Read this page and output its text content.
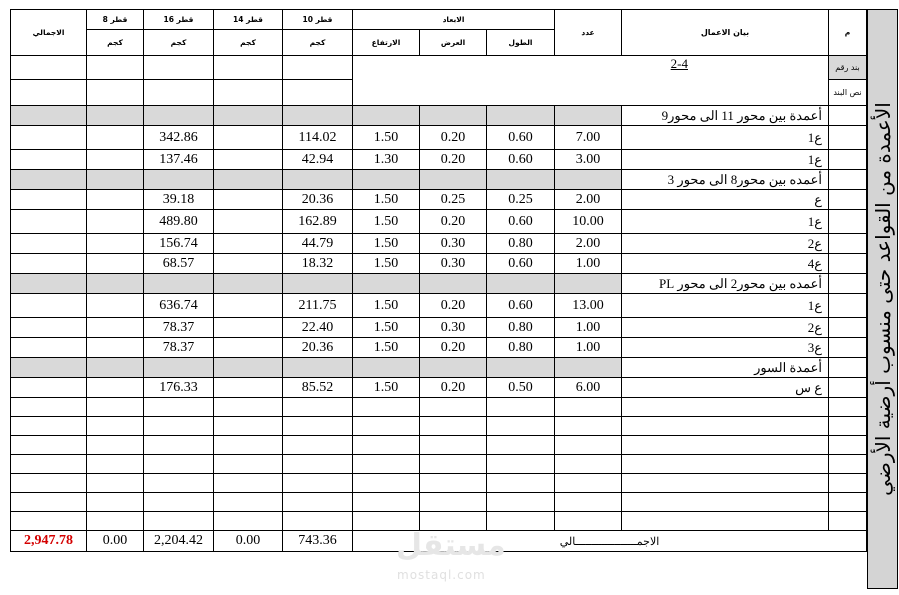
الاجمالي	قطر 8	قطر 16	قطر 14	قطر 10	الابعاد			عدد	بيان الاعمال	م
	كجم	كجم	كجم	كجم	الارتفاع	العرض	الطول			
					2-4					بند رقم
										نص البند
									أعمدة بين محور 11 الى محور9	
		342.86		114.02	1.50	0.20	0.60	7.00	ع1	
		137.46		42.94	1.30	0.20	0.60	3.00	ع1	
									أعمده بين محور8 الى محور 3	
		39.18		20.36	1.50	0.25	0.25	2.00	ع	
		489.80		162.89	1.50	0.20	0.60	10.00	ع1	
		156.74		44.79	1.50	0.30	0.80	2.00	ع2	
		68.57		18.32	1.50	0.30	0.60	1.00	ع4	
									أعمده بين محور2 الى محور PL	
		636.74		211.75	1.50	0.20	0.60	13.00	ع1	
		78.37		22.40	1.50	0.30	0.80	1.00	ع2	
		78.37		20.36	1.50	0.20	0.80	1.00	ع3	
									أعمدة السور	
		176.33		85.52	1.50	0.20	0.50	6.00	ع س	

2,947.78	0.00	2,204.42	0.00	743.36	الاجمـــــــــــــــــــالي					
الأعمدة من القواعد حتى منسوب أرضية الأرضي
مستقل
mostaql.com
